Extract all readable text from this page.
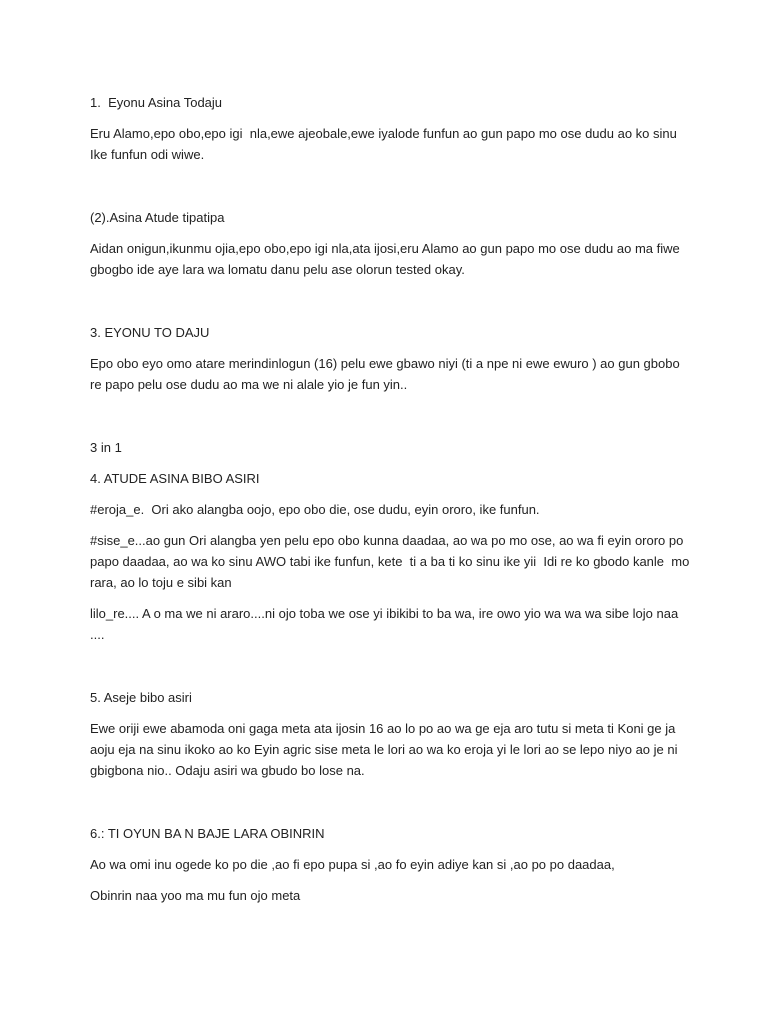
1.  Eyonu Asina Todaju

Eru Alamo,epo obo,epo igi  nla,ewe ajeobale,ewe iyalode funfun ao gun papo mo ose dudu ao ko sinu Ike funfun odi wiwe.

(2).Asina Atude tipatipa

Aidan onigun,ikunmu ojia,epo obo,epo igi nla,ata ijosi,eru Alamo ao gun papo mo ose dudu ao ma fiwe gbogbo ide aye lara wa lomatu danu pelu ase olorun tested okay.

3. EYONU TO DAJU

Epo obo eyo omo atare merindinlogun (16) pelu ewe gbawo niyi (ti a npe ni ewe ewuro ) ao gun gbobo re papo pelu ose dudu ao ma we ni alale yio je fun yin..

3 in 1

4. ATUDE ASINA BIBO ASIRI

#eroja_e.  Ori ako alangba oojo, epo obo die, ose dudu, eyin ororo, ike funfun.

#sise_e...ao gun Ori alangba yen pelu epo obo kunna daadaa, ao wa po mo ose, ao wa fi eyin ororo po papo daadaa, ao wa ko sinu AWO tabi ike funfun, kete  ti a ba ti ko sinu ike yii  Idi re ko gbodo kanle  mo rara, ao lo toju e sibi kan

lilo_re.... A o ma we ni araro....ni ojo toba we ose yi ibikibi to ba wa, ire owo yio wa wa wa sibe lojo naa ....

5. Aseje bibo asiri

Ewe oriji ewe abamoda oni gaga meta ata ijosin 16 ao lo po ao wa ge eja aro tutu si meta ti Koni ge ja aoju eja na sinu ikoko ao ko Eyin agric sise meta le lori ao wa ko eroja yi le lori ao se lepo niyo ao je ni gbigbona nio.. Odaju asiri wa gbudo bo lose na.

6.: TI OYUN BA N BAJE LARA OBINRIN

Ao wa omi inu ogede ko po die ,ao fi epo pupa si ,ao fo eyin adiye kan si ,ao po po daadaa,

Obinrin naa yoo ma mu fun ojo meta
